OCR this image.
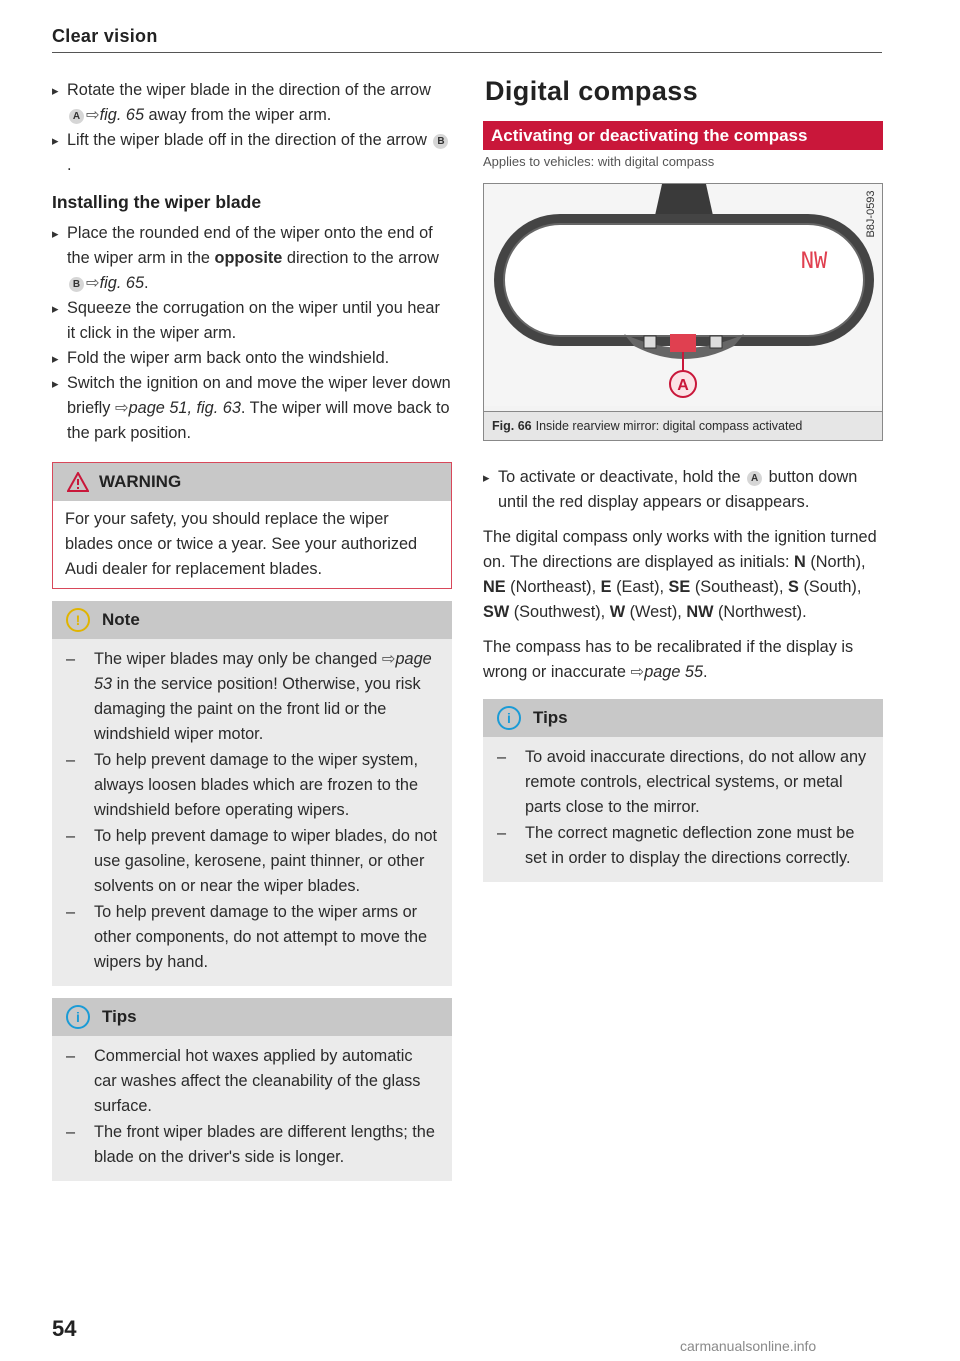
Clear vision

▸ Rotate the wiper blade in the direction of the arrow A ⇨fig. 65 away from the wiper arm.

▸ Lift the wiper blade off in the direction of the arrow B.

Installing the wiper blade

▸ Place the rounded end of the wiper onto the end of the wiper arm in the opposite direction to the arrow B ⇨fig. 65.

▸ Squeeze the corrugation on the wiper until you hear it click in the wiper arm.

▸ Fold the wiper arm back onto the windshield.

▸ Switch the ignition on and move the wiper lever down briefly ⇨page 51, fig. 63. The wiper will move back to the park position.

WARNING

For your safety, you should replace the wiper blades once or twice a year. See your authorized Audi dealer for replacement blades.

!	Note

– The wiper blades may only be changed ⇨page 53 in the service position! Otherwise, you risk damaging the paint on the front lid or the windshield wiper motor.

– To help prevent damage to the wiper system, always loosen blades which are frozen to the windshield before operating wipers.

– To help prevent damage to wiper blades, do not use gasoline, kerosene, paint thinner, or other solvents on or near the wiper blades.

– To help prevent damage to the wiper arms or other components, do not attempt to move the wipers by hand.

i	Tips

– Commercial hot waxes applied by automatic car washes affect the cleanability of the glass surface.

– The front wiper blades are different lengths; the blade on the driver's side is longer.

Digital compass
Activating or deactivating the compass
Applies to vehicles: with digital compass
A
NW
B8J-0593
Fig. 66 Inside rearview mirror: digital compass activated

▸ To activate or deactivate, hold the A button down until the red display appears or disappears.

The digital compass only works with the ignition turned on. The directions are displayed as initials: N (North), NE (Northeast), E (East), SE (Southeast), S (South), SW (Southwest), W (West), NW (Northwest).

The compass has to be recalibrated if the display is wrong or inaccurate ⇨page 55.

i	Tips

– To avoid inaccurate directions, do not allow any remote controls, electrical systems, or metal parts close to the mirror.

– The correct magnetic deflection zone must be set in order to display the directions correctly.

54
carmanualsonline.info
